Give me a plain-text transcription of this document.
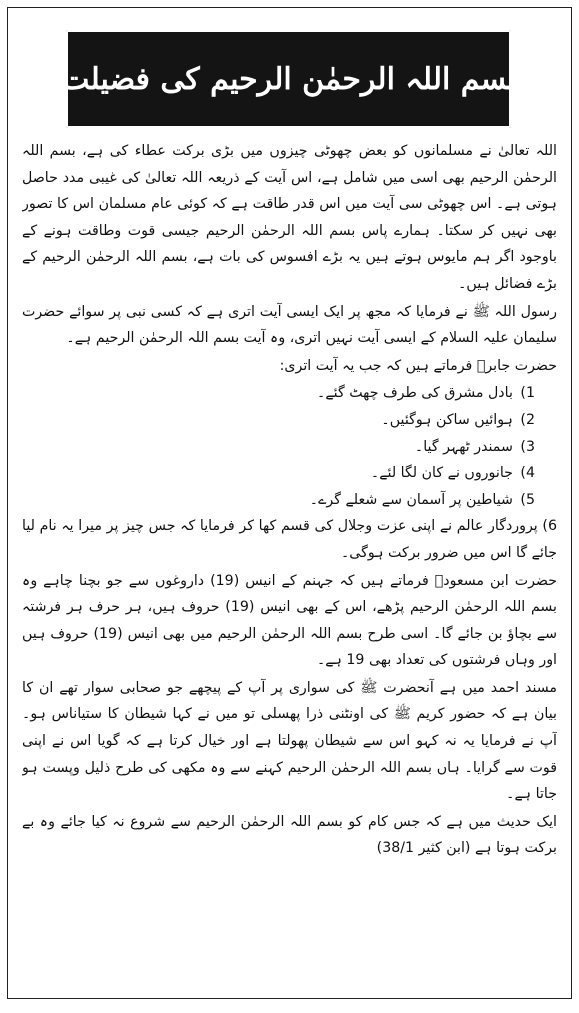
بسم اللہ الرحمٰن الرحیم کی فضیلت

اللہ تعالیٰ نے مسلمانوں کو بعض چھوٹی چیزوں میں بڑی برکت عطاء کی ہے، بسم اللہ الرحمٰن الرحیم بھی اسی میں شامل ہے، اس آیت کے ذریعہ اللہ تعالیٰ کی غیبی مدد حاصل ہوتی ہے۔ اس چھوٹی سی آیت میں اس قدر طاقت ہے کہ کوئی عام مسلمان اس کا تصور بھی نہیں کر سکتا۔ ہمارے پاس بسم اللہ الرحمٰن الرحیم جیسی قوت وطاقت ہونے کے باوجود اگر ہم مایوس ہوتے ہیں یہ بڑے افسوس کی بات ہے، بسم اللہ الرحمٰن الرحیم کے بڑے فضائل ہیں۔

رسول اللہ ﷺ نے فرمایا کہ مجھ پر ایک ایسی آیت اتری ہے کہ کسی نبی پر سوائے حضرت سلیمان علیہ السلام کے ایسی آیت نہیں اتری، وہ آیت بسم اللہ الرحمٰن الرحیم ہے۔

حضرت جابرؓ فرماتے ہیں کہ جب یہ آیت اتری:

1) بادل مشرق کی طرف چھٹ گئے۔
2) ہوائیں ساکن ہوگئیں۔
3) سمندر ٹھہر گیا۔
4) جانوروں نے کان لگا لئے۔
5) شیاطین پر آسمان سے شعلے گرے۔

6) پروردگار عالم نے اپنی عزت وجلال کی قسم کھا کر فرمایا کہ جس چیز پر میرا یہ نام لیا جائے گا اس میں ضرور برکت ہوگی۔

حضرت ابن مسعودؓ فرماتے ہیں کہ جہنم کے انیس (19) داروغوں سے جو بچنا چاہے وہ بسم اللہ الرحمٰن الرحیم پڑھے، اس کے بھی انیس (19) حروف ہیں، ہر حرف ہر فرشتہ سے بچاؤ بن جائے گا۔ اسی طرح بسم اللہ الرحمٰن الرحیم میں بھی انیس (19) حروف ہیں اور وہاں فرشتوں کی تعداد بھی 19 ہے۔

مسند احمد میں ہے آنحضرت ﷺ کی سواری پر آپ کے پیچھے جو صحابی سوار تھے ان کا بیان ہے کہ حضور کریم ﷺ کی اونٹنی ذرا پھسلی تو میں نے کہا شیطان کا ستیاناس ہو۔ آپ نے فرمایا یہ نہ کہو اس سے شیطان پھولتا ہے اور خیال کرتا ہے کہ گویا اس نے اپنی قوت سے گرایا۔ ہاں بسم اللہ الرحمٰن الرحیم کہنے سے وہ مکھی کی طرح ذلیل وپست ہو جاتا ہے۔

ایک حدیث میں ہے کہ جس کام کو بسم اللہ الرحمٰن الرحیم سے شروع نہ کیا جائے وہ بے برکت ہوتا ہے (ابن کثیر 38/1)
